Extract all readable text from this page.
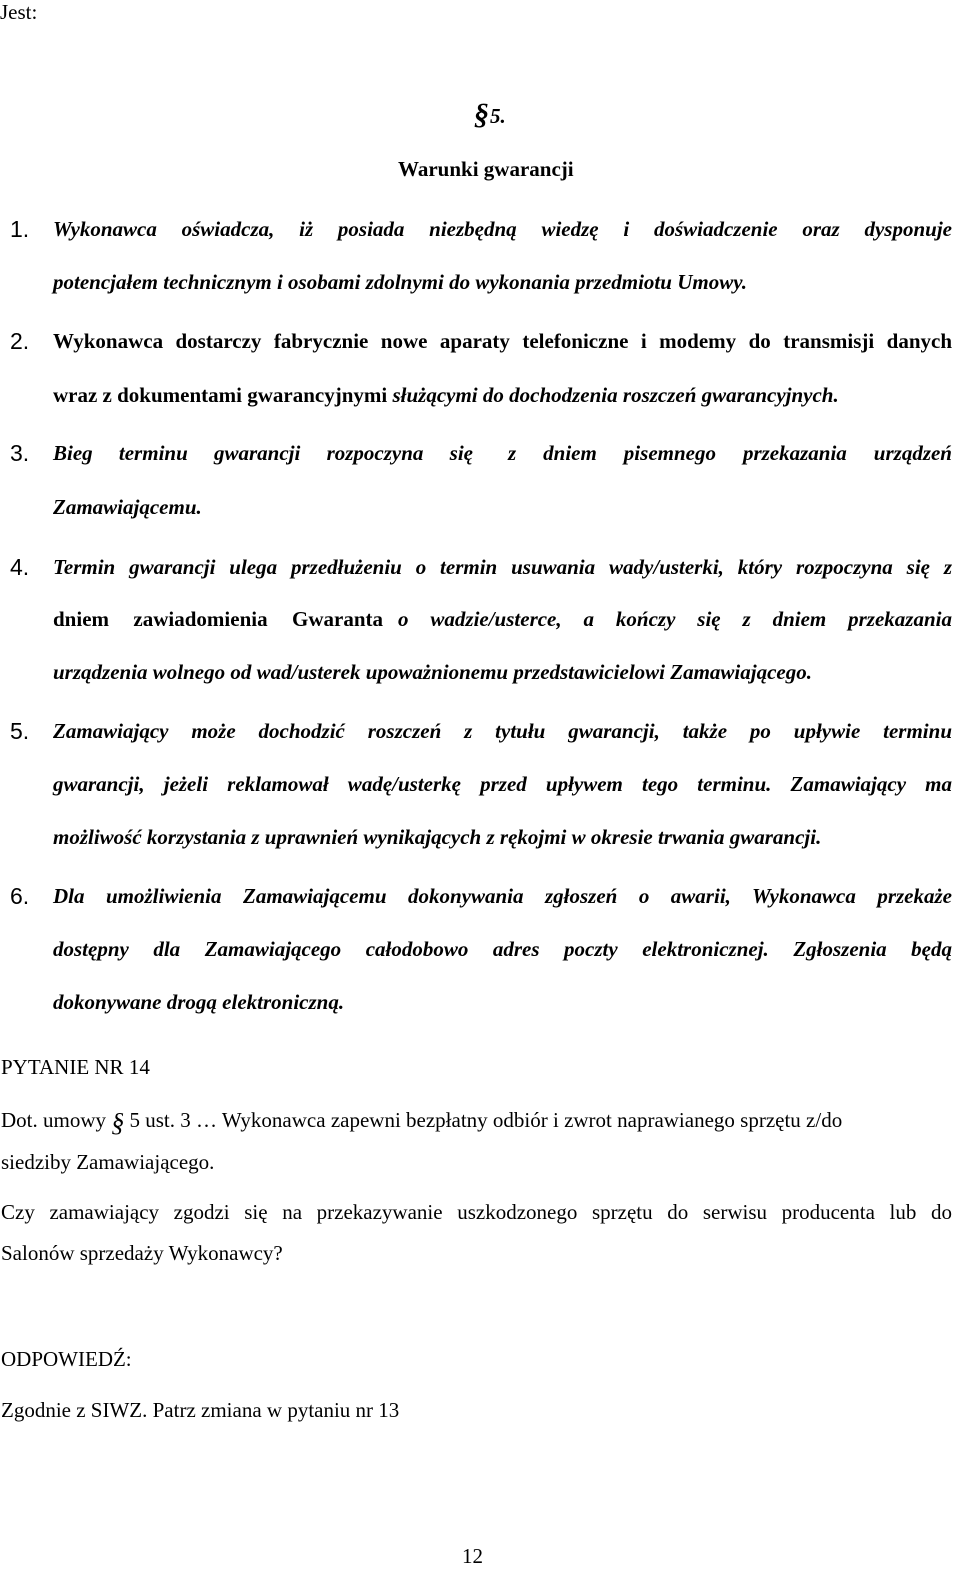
Jest:
§ 5.
Warunki gwarancji
1. Wykonawca oświadcza, iż posiada niezbędną wiedzę i doświadczenie oraz dysponuje
potencjałem technicznym i osobami zdolnymi do wykonania przedmiotu Umowy.
2. Wykonawca dostarczy fabrycznie nowe aparaty telefoniczne i modemy do transmisji danych
wraz z dokumentami gwarancyjnymi służącymi do dochodzenia roszczeń gwarancyjnych.
3. Bieg terminu gwarancji rozpoczyna się z dniem pisemnego przekazania urządzeń
Zamawiającemu.
4. Termin gwarancji ulega przedłużeniu o termin usuwania wady/usterki, który rozpoczyna się z
dniem zawiadomienia Gwaranta o wadzie/usterce, a kończy się z dniem przekazania
urządzenia wolnego od wad/usterek upoważnionemu przedstawicielowi Zamawiającego.
5. Zamawiający może dochodzić roszczeń z tytułu gwarancji, także po upływie terminu
gwarancji, jeżeli reklamował wadę/usterkę przed upływem tego terminu. Zamawiający ma
możliwość korzystania z uprawnień wynikających z rękojmi w okresie trwania gwarancji.
6. Dla umożliwienia Zamawiającemu dokonywania zgłoszeń o awarii, Wykonawca przekaże
dostępny dla Zamawiającego całodobowo adres poczty elektronicznej. Zgłoszenia będą
dokonywane drogą elektroniczną.
PYTANIE NR 14
Dot. umowy § 5 ust. 3 … Wykonawca zapewni bezpłatny odbiór i zwrot naprawianego sprzętu z/do
siedziby Zamawiającego.
Czy zamawiający zgodzi się na przekazywanie uszkodzonego sprzętu do serwisu producenta lub do
Salonów sprzedaży Wykonawcy?
ODPOWIEDŹ:
Zgodnie z SIWZ. Patrz zmiana w pytaniu nr 13
12
